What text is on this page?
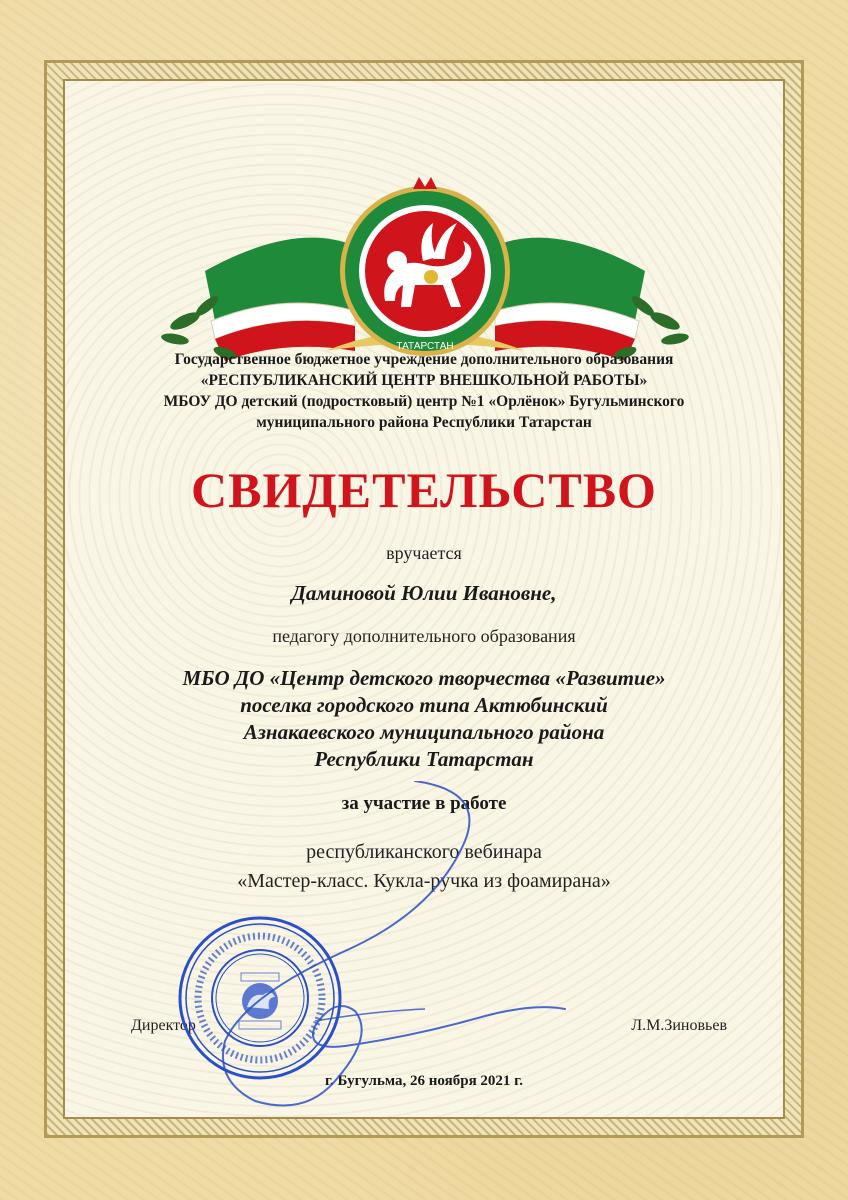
ТАТАРСТАН
Государственное бюджетное учреждение дополнительного образования
«РЕСПУБЛИКАНСКИЙ ЦЕНТР ВНЕШКОЛЬНОЙ РАБОТЫ»
МБОУ ДО детский (подростковый) центр №1 «Орлёнок» Бугульминского
муниципального района Республики Татарстан
СВИДЕТЕЛЬСТВО
вручается
Даминовой Юлии Ивановне,
педагогу дополнительного образования
МБО ДО «Центр детского творчества «Развитие»
поселка городского типа Актюбинский
Азнакаевского муниципального района
Республики Татарстан
за участие в работе
республиканского вебинара
«Мастер-класс. Кукла-ручка из фоамирана»
Директор	Л.М.Зиновьев
г. Бугульма, 26 ноября 2021 г.
